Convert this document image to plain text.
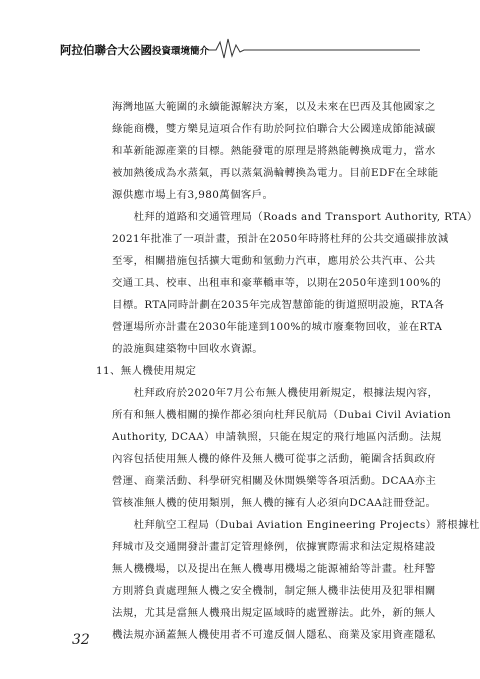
阿拉伯聯合大公國投資環境簡介
海灣地區大範圍的永續能源解決方案，以及未來在巴西及其他國家之
綠能商機，雙方樂見這項合作有助於阿拉伯聯合大公國達成節能減碳
和革新能源產業的目標。熱能發電的原理是將熱能轉換成電力，當水
被加熱後成為水蒸氣，再以蒸氣渦輪轉換為電力。目前EDF在全球能
源供應市場上有3,980萬個客戶。
　　杜拜的道路和交通管理局（Roads and Transport Authority, RTA）
2021年批准了一項計畫，預計在2050年時將杜拜的公共交通碳排放減
至零，相關措施包括擴大電動和氫動力汽車，應用於公共汽車、公共
交通工具、校車、出租車和豪華轎車等，以期在2050年達到100%的
目標。RTA同時計劃在2035年完成智慧節能的街道照明設施，RTA各
營運場所亦計畫在2030年能達到100%的城市廢棄物回收，並在RTA
的設施與建築物中回收水資源。
　　杜拜政府於2020年7月公布無人機使用新規定，根據法規內容，
所有和無人機相關的操作都必須向杜拜民航局（Dubai Civil Aviation
Authority, DCAA）申請執照，只能在規定的飛行地區內活動。法規
內容包括使用無人機的條件及無人機可從事之活動，範圍含括與政府
營運、商業活動、科學研究相關及休閒娛樂等各項活動。DCAA亦主
管核准無人機的使用類別，無人機的擁有人必須向DCAA註冊登記。
　　杜拜航空工程局（Dubai Aviation Engineering Projects）將根據杜
拜城市及交通開發計畫訂定管理條例，依據實際需求和法定規格建設
無人機機場，以及提出在無人機專用機場之能源補給等計畫。杜拜警
方則將負責處理無人機之安全機制，制定無人機非法使用及犯罪相關
法規，尤其是當無人機飛出規定區域時的處置辦法。此外，新的無人
機法規亦涵蓋無人機使用者不可違反個人隱私、商業及家用資產隱私
11、無人機使用規定
32
